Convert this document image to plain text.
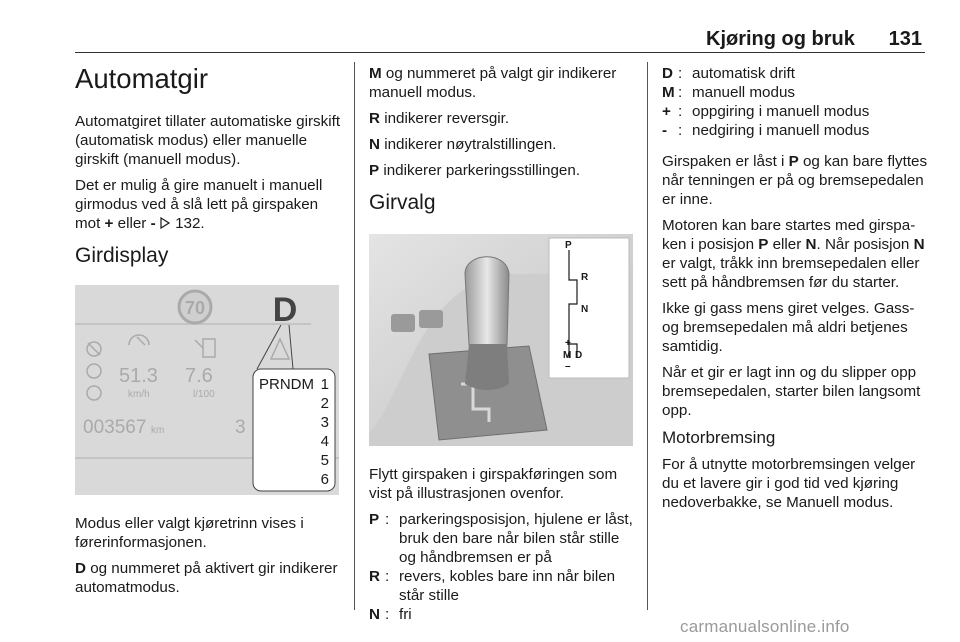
Kjøring og bruk 131
Automatgir

Automatgiret tillater automatiske girskift (automatisk modus) eller manuelle girskift (manuell modus).

Det er mulig å gire manuelt i manuell girmodus ved å slå lett på girspaken mot + eller -  132.

Girdisplay
70 D
51.3
km/h
7.6
l/100
003567 km	3
PRNDM 1
2
3
4
5
6

Modus eller valgt kjøretrinn vises i førerinformasjonen.

D og nummeret på aktivert gir indikerer automatmodus.

M og nummeret på valgt gir indikerer manuell modus.

R indikerer reversgir.

N indikerer nøytralstillingen.

P indikerer parkeringsstillingen.

Girvalg
P
R
N
+
M D
–

Flytt girspaken i girspakføringen som vist på illustrasjonen ovenfor.

P : parkeringsposisjon, hjulene er låst, bruk den bare når bilen står stille og håndbremsen er på
R : revers, kobles bare inn når bilen står stille
N : fri
D : automatisk drift
M : manuell modus
+ : oppgiring i manuell modus
- : nedgiring i manuell modus

Girspaken er låst i P og kan bare flyttes når tenningen er på og bremsepedalen er inne.

Motoren kan bare startes med girspaken i posisjon P eller N. Når posisjon N er valgt, tråkk inn bremsepedalen eller sett på håndbremsen før du starter.

Ikke gi gass mens giret velges. Gass- og bremsepedalen må aldri betjenes samtidig.

Når et gir er lagt inn og du slipper opp bremsepedalen, starter bilen langsomt opp.

Motorbremsing

For å utnytte motorbremsingen velger du et lavere gir i god tid ved kjøring nedoverbakke, se Manuell modus.

carmanualsonline.info
